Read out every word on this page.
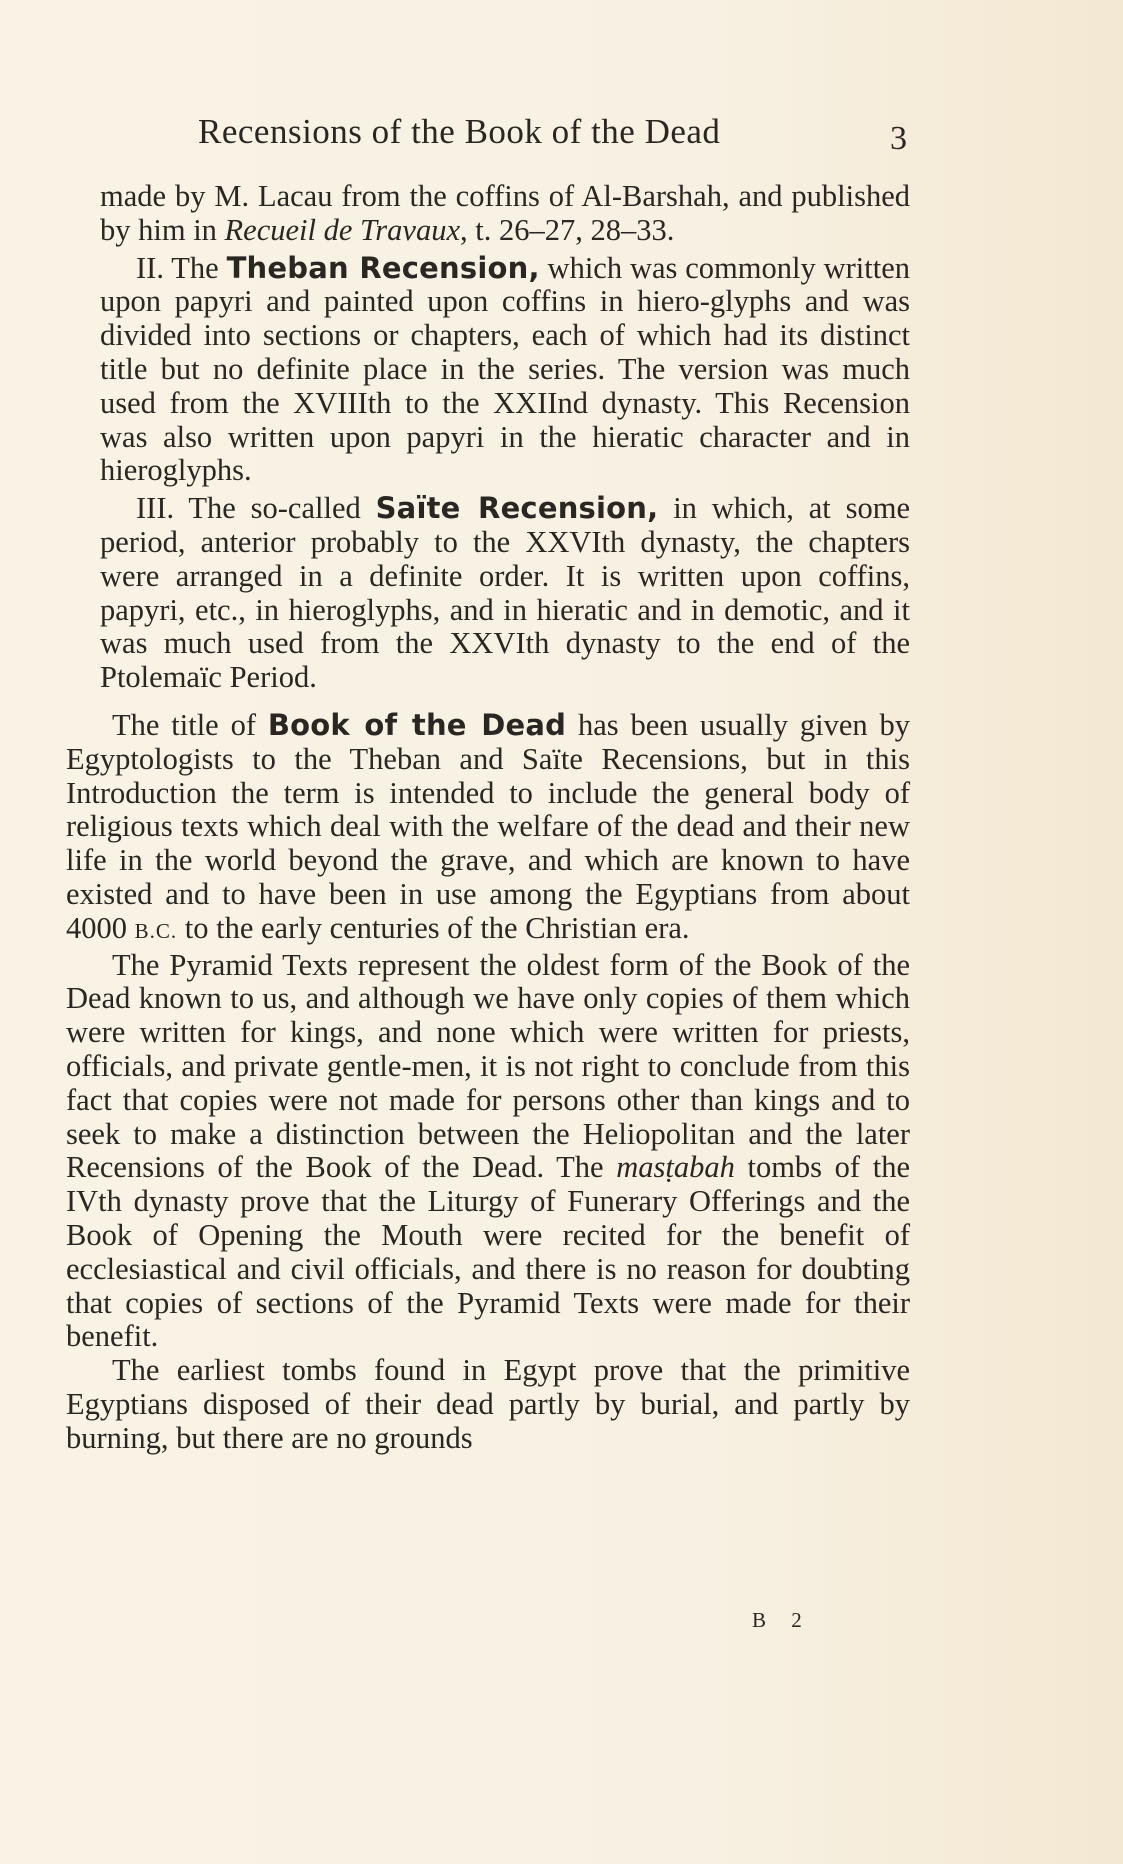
Recensions of the Book of the Dead	3

made by M. Lacau from the coffins of Al-Barshah, and published by him in Recueil de Travaux, t. 26–27, 28–33.

II. The Theban Recension, which was commonly written upon papyri and painted upon coffins in hiero-glyphs and was divided into sections or chapters, each of which had its distinct title but no definite place in the series. The version was much used from the XVIIIth to the XXIInd dynasty. This Recension was also written upon papyri in the hieratic character and in hieroglyphs.

III. The so-called Saïte Recension, in which, at some period, anterior probably to the XXVIth dynasty, the chapters were arranged in a definite order. It is written upon coffins, papyri, etc., in hieroglyphs, and in hieratic and in demotic, and it was much used from the XXVIth dynasty to the end of the Ptolemaïc Period.

The title of Book of the Dead has been usually given by Egyptologists to the Theban and Saïte Recensions, but in this Introduction the term is intended to include the general body of religious texts which deal with the welfare of the dead and their new life in the world beyond the grave, and which are known to have existed and to have been in use among the Egyptians from about 4000 B.C. to the early centuries of the Christian era.

The Pyramid Texts represent the oldest form of the Book of the Dead known to us, and although we have only copies of them which were written for kings, and none which were written for priests, officials, and private gentle-men, it is not right to conclude from this fact that copies were not made for persons other than kings and to seek to make a distinction between the Heliopolitan and the later Recensions of the Book of the Dead. The masṭabah tombs of the IVth dynasty prove that the Liturgy of Funerary Offerings and the Book of Opening the Mouth were recited for the benefit of ecclesiastical and civil officials, and there is no reason for doubting that copies of sections of the Pyramid Texts were made for their benefit.

The earliest tombs found in Egypt prove that the primitive Egyptians disposed of their dead partly by burial, and partly by burning, but there are no grounds

B 2
